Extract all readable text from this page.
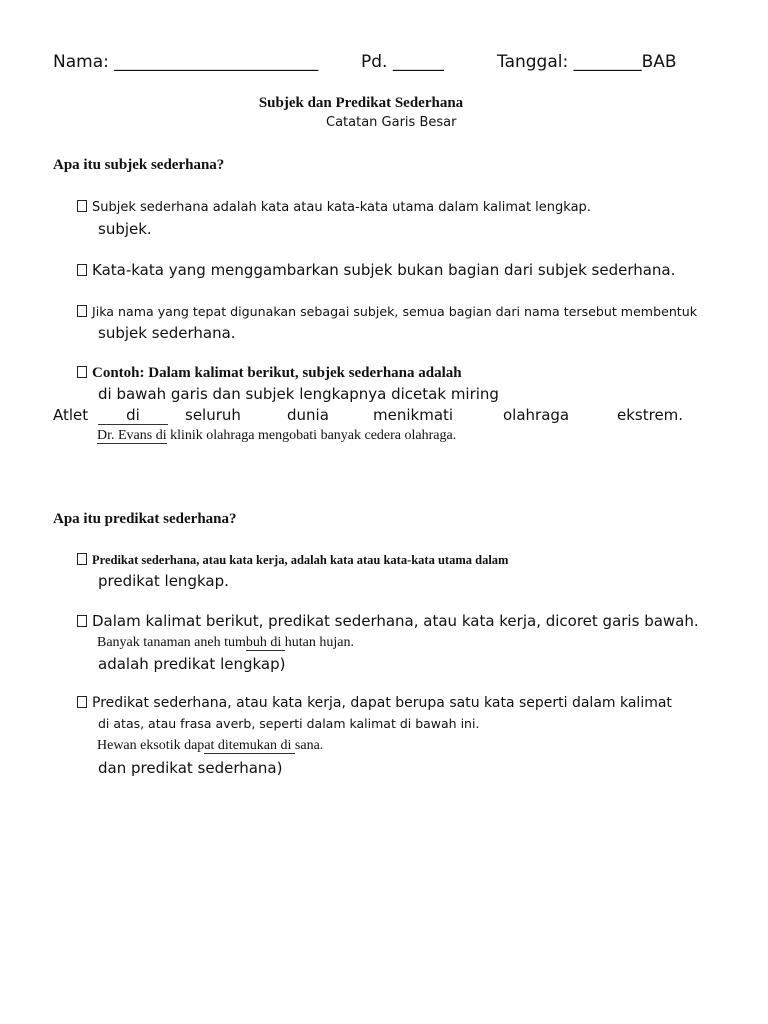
Nama: ________________________	Pd. ______	Tanggal: ________BAB
Subjek dan Predikat Sederhana
Catatan Garis Besar
Apa itu subjek sederhana?
Subjek sederhana adalah kata atau kata-kata utama dalam kalimat lengkap.
subjek.
Kata-kata yang menggambarkan subjek bukan bagian dari subjek sederhana.
Jika nama yang tepat digunakan sebagai subjek, semua bagian dari nama tersebut membentuk
subjek sederhana.
Contoh: Dalam kalimat berikut, subjek sederhana adalah
di bawah garis dan subjek lengkapnya dicetak miring
Atlet	di	seluruh	dunia	menikmati	olahraga	ekstrem.
Dr. Evans di klinik olahraga mengobati banyak cedera olahraga.
Apa itu predikat sederhana?
Predikat sederhana, atau kata kerja, adalah kata atau kata-kata utama dalam
predikat lengkap.
Dalam kalimat berikut, predikat sederhana, atau kata kerja, dicoret garis bawah.
Banyak tanaman aneh tumbuh di hutan hujan.
adalah predikat lengkap)
Predikat sederhana, atau kata kerja, dapat berupa satu kata seperti dalam kalimat
di atas, atau frasa averb, seperti dalam kalimat di bawah ini.
Hewan eksotik dapat ditemukan di sana.
dan predikat sederhana)
